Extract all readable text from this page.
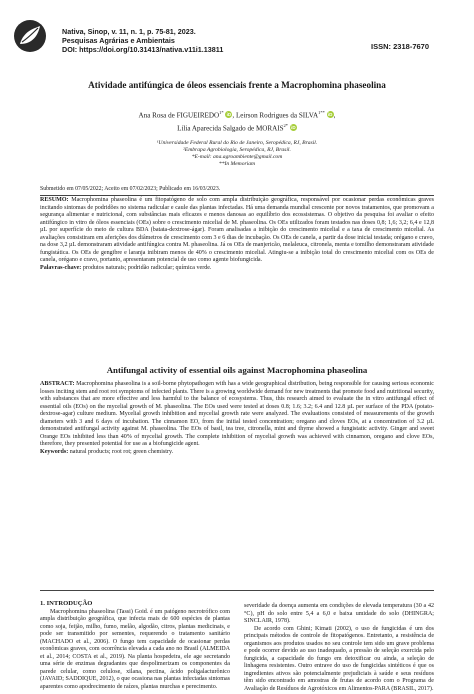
Nativa, Sinop, v. 11, n. 1, p. 75-81, 2023.
Pesquisas Agrárias e Ambientais
DOI: https://doi.org/10.31413/nativa.v11i1.13811	ISSN: 2318-7670
Atividade antifúngica de óleos essenciais frente a Macrophomina phaseolina
Ana Rosa de $FIGUEIREDO^{1*}$ iD, Leirson Rodrigues da $SILVA^{1**}$ iD,
Lília Aparecida Salgado de $MORAIS^{2*}$ iD
¹Universidade Federal Rural do Rio de Janeiro, Seropédica, RJ, Brasil.
²Embrapa Agrobiologia, Seropédica, RJ, Brasil.
*E-mail: ana.agroambiente@gmail.com
**In Memoriam
Submetido em 07/05/2022; Aceito em 07/02/2023; Publicado em 16/03/2023.
RESUMO: Macrophomina phaseolina é um fitopatógeno de solo com ampla distribuição geográfica, responsável por ocasionar perdas econômicas graves incitando sintomas de podridões no sistema radicular e caule das plantas infectadas. Há uma demanda mundial crescente por novos tratamentos, que promovam a segurança alimentar e nutricional, com substâncias mais eficazes e menos danosas ao equilíbrio dos ecossistemas. O objetivo da pesquisa foi avaliar o efeito antifúngico in vitro de óleos essenciais (OEs) sobre o crescimento micelial de M. phaseolina. Os OEs utilizados foram testados nas doses 0,8; 1,6; 3,2; 6,4 e 12,8 µL por superfície do meio de cultura BDA (batata-dextrose-ágar). Foram analisadas a inibição do crescimento micelial e a taxa de crescimento micelial. As avaliações consistiram em aferições dos diâmetros de crescimento com 3 e 6 dias de incubação. Os OEs de canela, a partir da dose inicial testada; orégano e cravo, na dose 3,2 µL demonstraram atividade antifúngica contra M. phaseolina. Já os OEs de manjericão, melaleuca, citronela, menta e tomilho demonstraram atividade fungistática. Os OEs de gengibre e laranja inibiram menos de 40% o crescimento micelial. Atingiu-se a inibição total do crescimento micelial com os OEs de canela, orégano e cravo, portanto, apresentaram potencial de uso como agente biofungicida.
Palavras-chave: produtos naturais; podridão radicular; química verde.
Antifungal activity of essential oils against Macrophomina phaseolina
ABSTRACT: Macrophomina phaseolina is a soil-borne phytopathogen with has a wide geographical distribution, being responsible for causing serious economic losses inciting stem and root rot symptoms of infected plants. There is a growing worldwide demand for new treatments that promote food and nutritional security, with substances that are more effective and less harmful to the balance of ecosystems. Thus, this research aimed to evaluate the in vitro antifungal effect of essential oils (EOs) on the mycelial growth of M. phaseolina. The EOs used were tested at doses 0.8; 1.6; 3.2; 6.4 and 12.8 µL per surface of the PDA (potato-dextrose-agar) culture medium. Mycelial growth inhibition and mycelial growth rate were analyzed. The evaluations consisted of measurements of the growth diameters with 3 and 6 days of incubation. The cinnamon EO, from the initial tested concentration; oregano and cloves EOs, at a concentration of 3.2 µL demonstrated antifungal activity against M. phaseolina. The EOs of basil, tea tree, citronella, mint and thyme showed a fungistatic activity. Ginger and sweet Orange EOs inhibited less than 40% of mycelial growth. The complete inhibition of mycelial growth was achieved with cinnamon, oregano and clove EOs, therefore, they presented potential for use as a biofungicide agent.
Keywords: natural products; root rot; green chemistry.
1. INTRODUÇÃO

Macrophomina phaseolina (Tassi) Goid. é um patógeno necrotrófico com ampla distribuição geográfica, que infecta mais de 600 espécies de plantas como soja, feijão, milho, fumo, melão, algodão, citros, plantas medicinais, e pode ser transmitido por sementes, requerendo o tratamento sanitário (MACHADO et al., 2006). O fungo tem capacidade de ocasionar perdas econômicas graves, com ocorrência elevada a cada ano no Brasil (ALMEIDA et al., 2014; COSTA et al., 2019). Na planta hospedeira, ele age secretando uma série de enzimas degradantes que despolimerizam os componentes da parede celular, como celulose, xilana, pectina, ácido poligalacturônico (JAVAID; SADDIQUE, 2012), o que ocasiona nas plantas infectadas sintomas aparentes como apodrecimento de raízes, plantas murchas e perecimento.

severidade da doença aumenta em condições de elevada temperatura (30 a 42 °C), pH do solo entre 5,4 a 6,0 e baixa umidade do solo (DHINGRA; SINCLAIR, 1978).

De acordo com Ghini; Kimati (2002), o uso de fungicidas é um dos principais métodos de controle de fitopatógenos. Entretanto, a resistência de organismos aos produtos usados no seu controle tem sido um grave problema e pode ocorrer devido ao uso inadequado, a pressão de seleção exercida pelo fungicida, a capacidade do fungo em detoxificar ou ainda, a seleção de linhagens resistentes. Outro entrave do uso de fungicidas sintéticos é que os ingredientes ativos são potencialmente prejudiciais à saúde e seus resíduos têm sido encontrado em amostras de frutas de acordo com o Programa de Avaliação de Resíduos de Agrotóxicos em Alimentos-PARA (BRASIL, 2017).
